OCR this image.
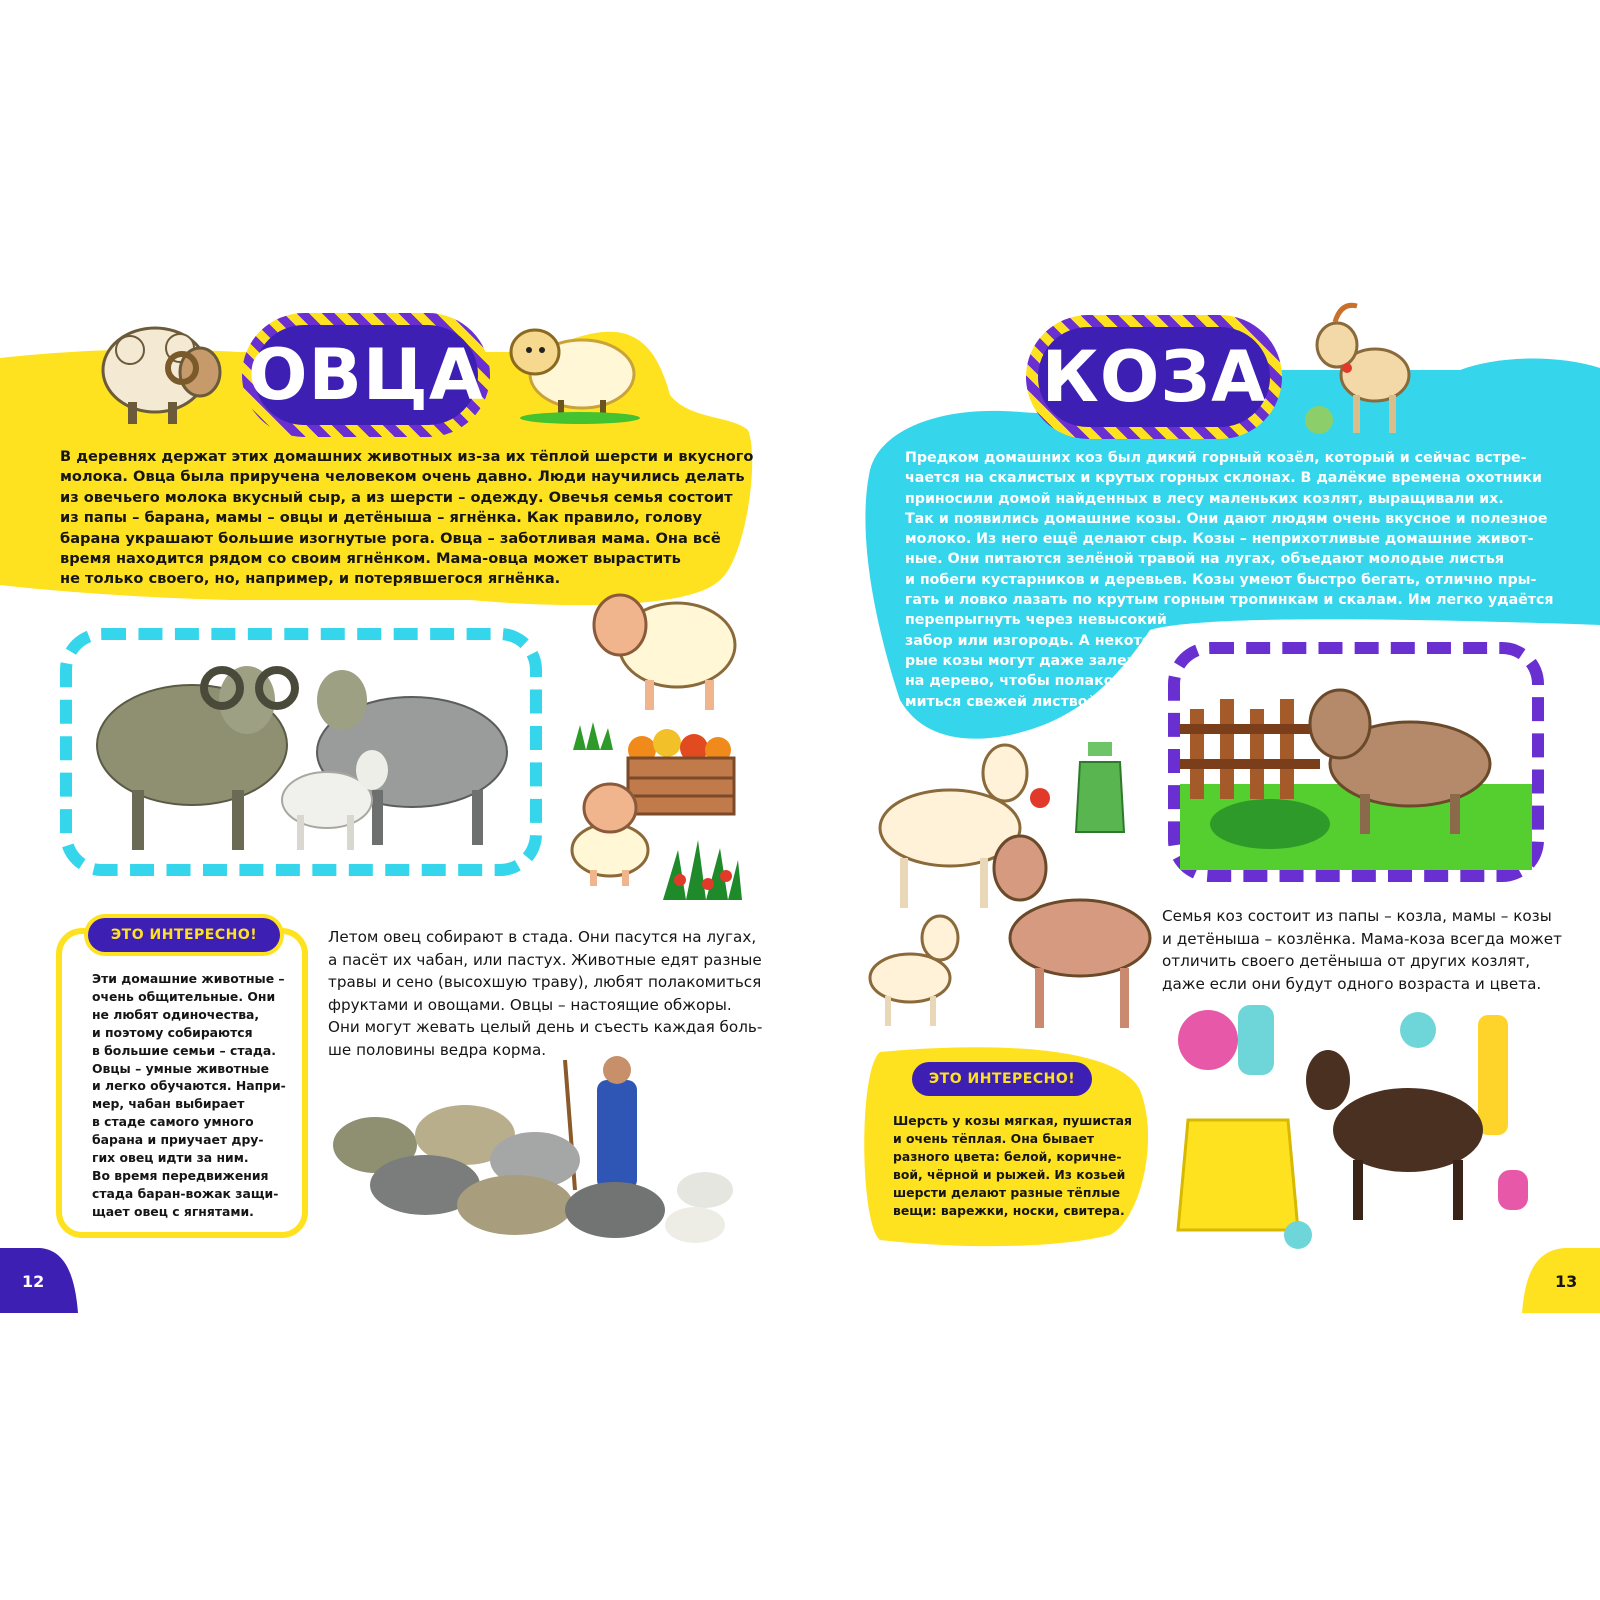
ОВЦА
В деревнях держат этих домашних животных из-за их тёплой шерсти и вкусного
молока. Овца была приручена человеком очень давно. Люди научились делать
из овечьего молока вкусный сыр, а из шерсти – одежду. Овечья семья состоит
из папы – барана, мамы – овцы и детёныша – ягнёнка. Как правило, голову
барана украшают большие изогнутые рога. Овца – заботливая мама. Она всё
время находится рядом со своим ягнёнком. Мама-овца может вырастить
не только своего, но, например, и потерявшегося ягнёнка.
Эти домашние животные –
очень общительные. Они
не любят одиночества,
и поэтому собираются
в большие семьи – стада.
Овцы – умные животные
и легко обучаются. Напри-
мер, чабан выбирает
в стаде самого умного
барана и приучает дру-
гих овец идти за ним.
Во время передвижения
стада баран-вожак защи-
щает овец с ягнятами.
ЭТО ИНТЕРЕСНО!	Летом овец собирают в стада. Они пасутся на лугах,
а пасёт их чабан, или пастух. Животные едят разные
травы и сено (высохшую траву), любят полакомиться
фруктами и овощами. Овцы – настоящие обжоры.
Они могут жевать целый день и съесть каждая боль-
ше половины ведра корма.
12
КОЗА
Предком домашних коз был дикий горный козёл, который и сейчас встре-
чается на скалистых и крутых горных склонах. В далёкие времена охотники
приносили домой найденных в лесу маленьких козлят, выращивали их.
Так и появились домашние козы. Они дают людям очень вкусное и полезное
молоко. Из него ещё делают сыр. Козы – неприхотливые домашние живот-
ные. Они питаются зелёной травой на лугах, объедают молодые листья
и побеги кустарников и деревьев. Козы умеют быстро бегать, отлично пры-
гать и ловко лазать по крутым горным тропинкам и скалам. Им легко удаётся
перепрыгнуть через невысокий
забор или изгородь. А некото-
рые козы могут даже залезть
на дерево, чтобы полако-
миться свежей листвой.
Семья коз состоит из папы – козла, мамы – козы
и детёныша – козлёнка. Мама-коза всегда может
отличить своего детёныша от других козлят,
даже если они будут одного возраста и цвета.
ЭТО ИНТЕРЕСНО!
Шерсть у козы мягкая, пушистая
и очень тёплая. Она бывает
разного цвета: белой, коричне-
вой, чёрной и рыжей. Из козьей
шерсти делают разные тёплые
вещи: варежки, носки, свитера.
13
